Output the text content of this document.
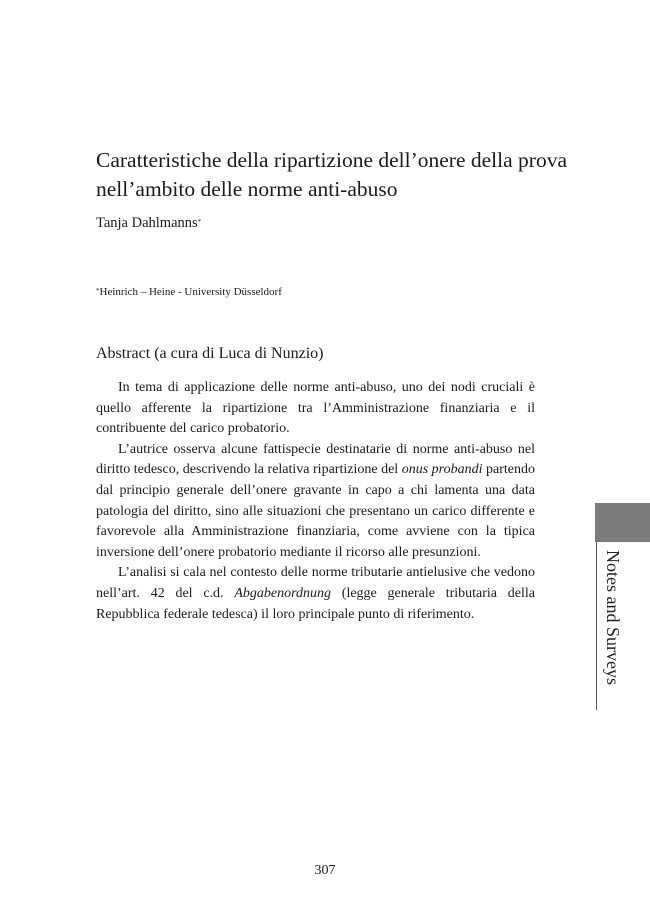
Caratteristiche della ripartizione dell’onere della prova nell’ambito delle norme anti-abuso
Tanja Dahlmanns*
*Heinrich – Heine - University Düsseldorf
Abstract (a cura di Luca di Nunzio)

In tema di applicazione delle norme anti-abuso, uno dei nodi cruciali è quello afferente la ripartizione tra l’Amministrazione finanziaria e il contribuente del carico probatorio.

L’autrice osserva alcune fattispecie destinatarie di norme anti-abuso nel diritto tedesco, descrivendo la relativa ripartizione del onus probandi partendo dal principio generale dell’onere gravante in capo a chi lamenta una data patologia del diritto, sino alle situazioni che presentano un carico differente e favorevole alla Amministrazione finanziaria, come avviene con la tipica inversione dell’onere probatorio mediante il ricorso alle presunzioni.

L’analisi si cala nel contesto delle norme tributarie antielusive che vedono nell’art. 42 del c.d. Abgabenordnung (legge generale tributaria della Repubblica federale tedesca) il loro principale punto di riferimento.	Notes and Surveys
307
